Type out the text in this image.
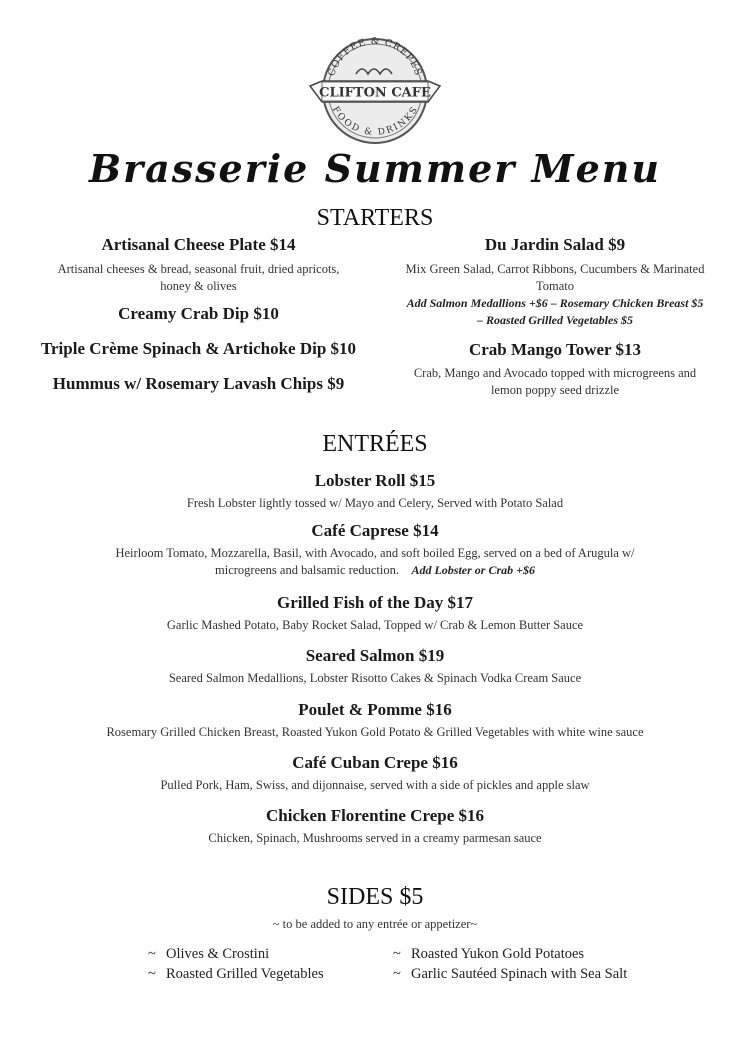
COFFEE & CREPES
FOOD & DRINKS
CLIFTON CAFE
Brasserie Summer Menu
STARTERS
Artisanal Cheese Plate $14
Artisanal cheeses & bread, seasonal fruit, dried apricots,
honey & olives
Creamy Crab Dip $10
Triple Crème Spinach & Artichoke Dip $10
Hummus w/ Rosemary Lavash Chips $9
Du Jardin Salad $9
Mix Green Salad, Carrot Ribbons, Cucumbers & Marinated
Tomato
Add Salmon Medallions +$6 – Rosemary Chicken Breast $5
– Roasted Grilled Vegetables $5
Crab Mango Tower $13
Crab, Mango and Avocado topped with microgreens and
lemon poppy seed drizzle
ENTRÉES
Lobster Roll $15
Fresh Lobster lightly tossed w/ Mayo and Celery, Served with Potato Salad
Café Caprese $14
Heirloom Tomato, Mozzarella, Basil, with Avocado, and soft boiled Egg, served on a bed of Arugula w/
microgreens and balsamic reduction. Add Lobster or Crab +$6
Grilled Fish of the Day $17
Garlic Mashed Potato, Baby Rocket Salad, Topped w/ Crab & Lemon Butter Sauce
Seared Salmon $19
Seared Salmon Medallions, Lobster Risotto Cakes & Spinach Vodka Cream Sauce
Poulet & Pomme $16
Rosemary Grilled Chicken Breast, Roasted Yukon Gold Potato & Grilled Vegetables with white wine sauce
Café Cuban Crepe $16
Pulled Pork, Ham, Swiss, and dijonnaise, served with a side of pickles and apple slaw
Chicken Florentine Crepe $16
Chicken, Spinach, Mushrooms served in a creamy parmesan sauce
SIDES $5
~ to be added to any entrée or appetizer~
~ Olives & Crostini
~ Roasted Grilled Vegetables
~ Roasted Yukon Gold Potatoes
~ Garlic Sautéed Spinach with Sea Salt
